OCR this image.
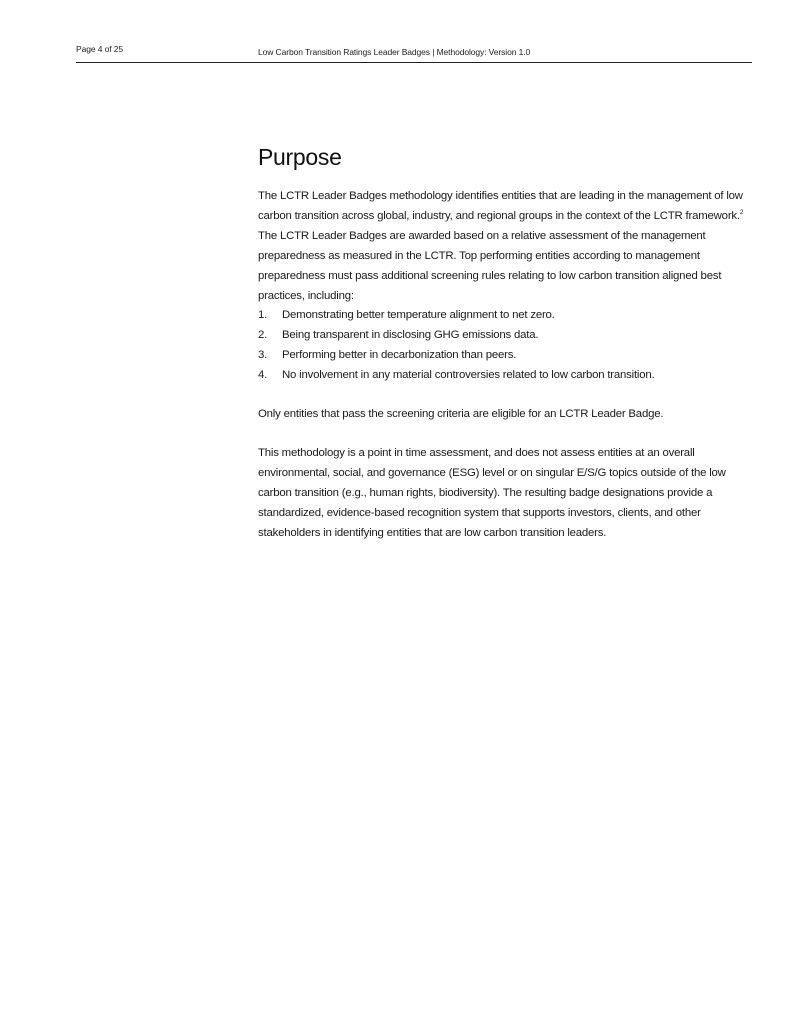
Page 4 of 25	Low Carbon Transition Ratings Leader Badges | Methodology: Version 1.0
Purpose

The LCTR Leader Badges methodology identifies entities that are leading in the management of low carbon transition across global, industry, and regional groups in the context of the LCTR framework.$^2$ The LCTR Leader Badges are awarded based on a relative assessment of the management preparedness as measured in the LCTR. Top performing entities according to management preparedness must pass additional screening rules relating to low carbon transition aligned best practices, including:

1.	Demonstrating better temperature alignment to net zero.
2.	Being transparent in disclosing GHG emissions data.
3.	Performing better in decarbonization than peers.
4.	No involvement in any material controversies related to low carbon transition.

Only entities that pass the screening criteria are eligible for an LCTR Leader Badge.

This methodology is a point in time assessment, and does not assess entities at an overall environmental, social, and governance (ESG) level or on singular E/S/G topics outside of the low carbon transition (e.g., human rights, biodiversity). The resulting badge designations provide a standardized, evidence-based recognition system that supports investors, clients, and other stakeholders in identifying entities that are low carbon transition leaders.
